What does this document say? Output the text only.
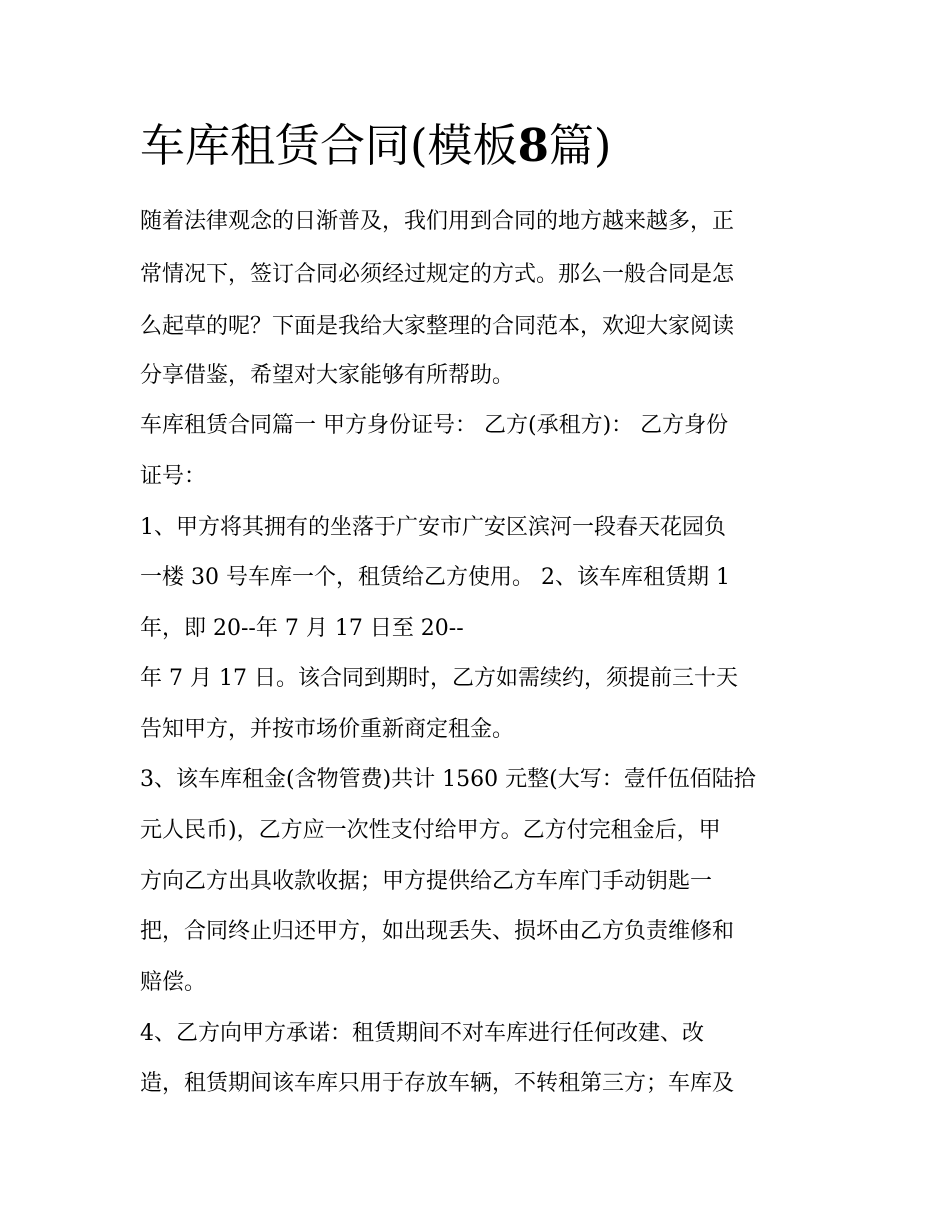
车库租赁合同(模板8篇)

随着法律观念的日渐普及，我们用到合同的地方越来越多，正

常情况下，签订合同必须经过规定的方式。那么一般合同是怎

么起草的呢？下面是我给大家整理的合同范本，欢迎大家阅读

分享借鉴，希望对大家能够有所帮助。

车库租赁合同篇一 甲方身份证号： 乙方(承租方)： 乙方身份

证号：

1、甲方将其拥有的坐落于广安市广安区滨河一段春天花园负

一楼 30 号车库一个，租赁给乙方使用。 2、该车库租赁期 1

年，即 20--年 7 月 17 日至 20--

年 7 月 17 日。该合同到期时，乙方如需续约，须提前三十天

告知甲方，并按市场价重新商定租金。

3、该车库租金(含物管费)共计 1560 元整(大写：壹仟伍佰陆拾

元人民币)，乙方应一次性支付给甲方。乙方付完租金后，甲

方向乙方出具收款收据；甲方提供给乙方车库门手动钥匙一

把，合同终止归还甲方，如出现丢失、损坏由乙方负责维修和

赔偿。

4、乙方向甲方承诺：租赁期间不对车库进行任何改建、改

造，租赁期间该车库只用于存放车辆，不转租第三方；车库及
